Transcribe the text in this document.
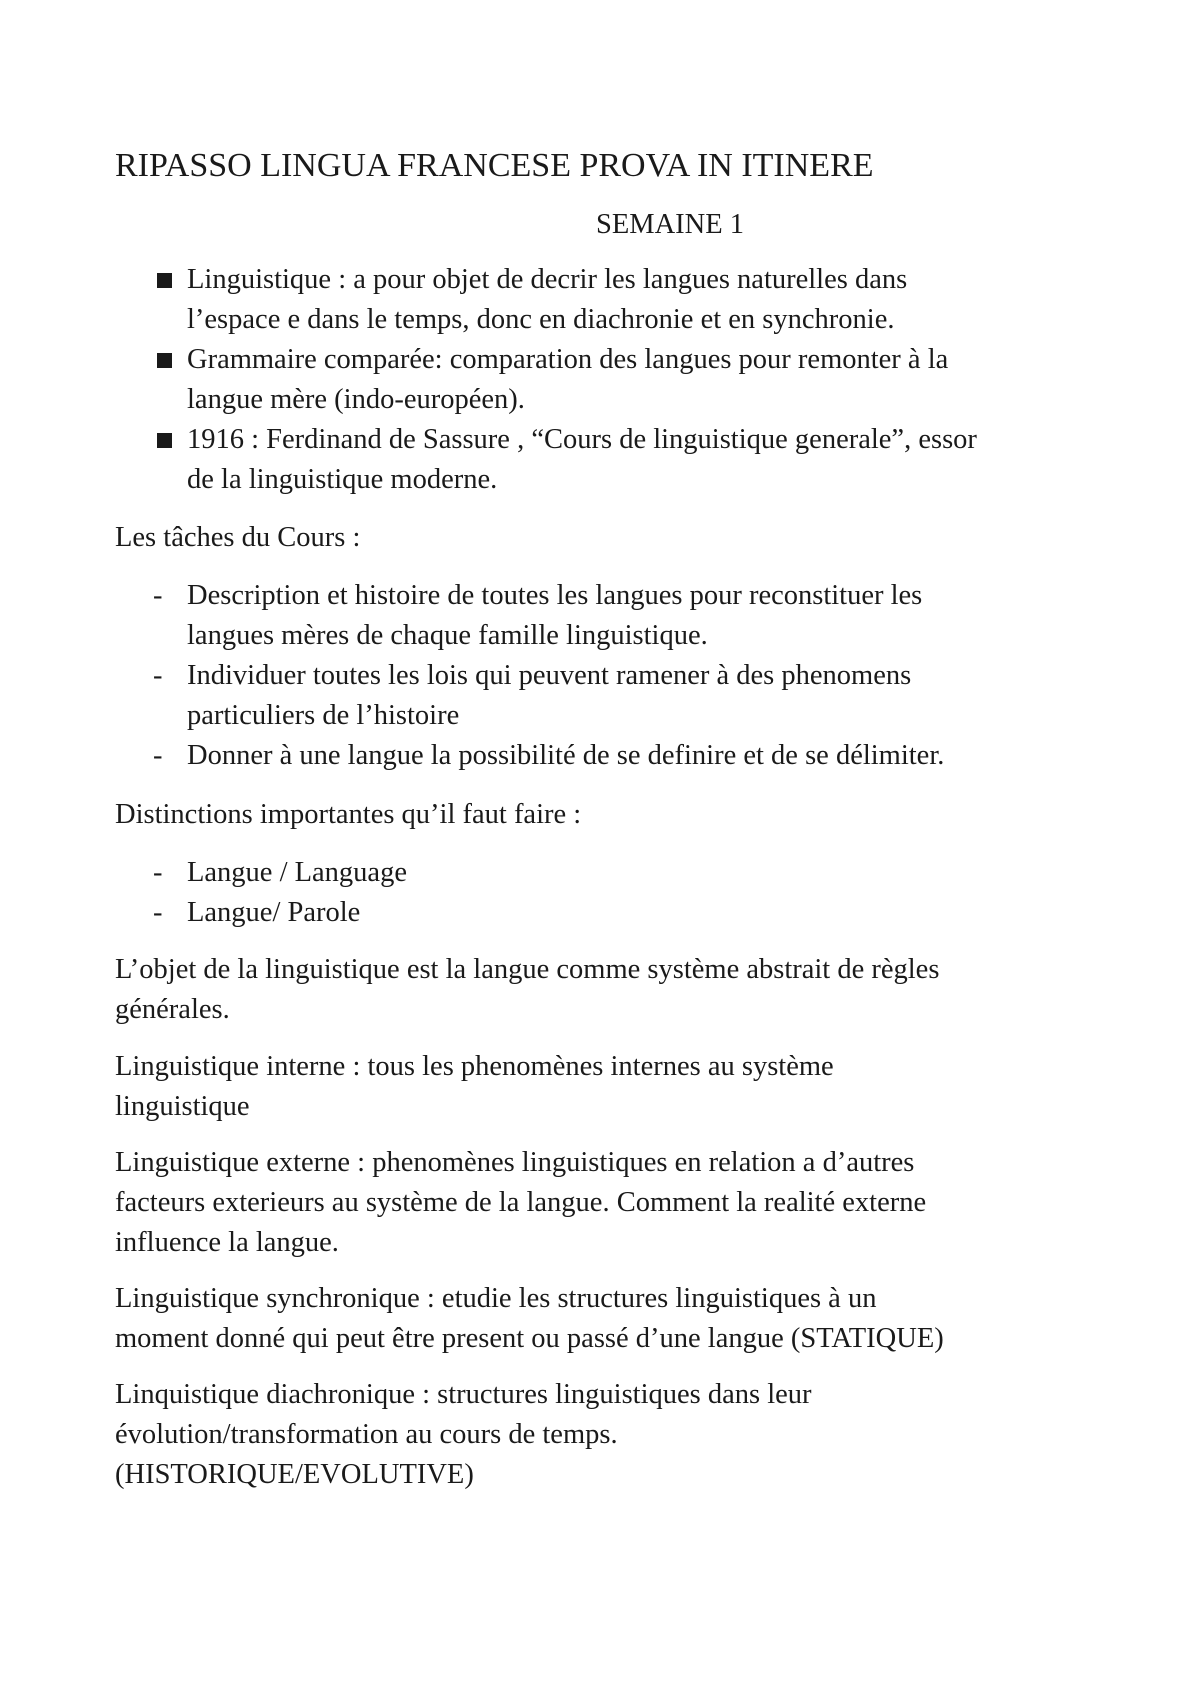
RIPASSO LINGUA FRANCESE PROVA IN ITINERE
SEMAINE 1
Linguistique : a pour objet de decrir les langues naturelles dans
l’espace e dans le temps, donc en diachronie et en synchronie.
Grammaire comparée: comparation des langues pour remonter à la
langue mère (indo-européen).
1916 : Ferdinand de Sassure , “Cours de linguistique generale”, essor
de la linguistique moderne.
Les tâches du Cours :
- Description et histoire de toutes les langues pour reconstituer les
langues mères de chaque famille linguistique.
- Individuer toutes les lois qui peuvent ramener à des phenomens
particuliers de l’histoire
- Donner à une langue la possibilité de se definire et de se délimiter.
Distinctions importantes qu’il faut faire :
- Langue / Language
- Langue/ Parole
L’objet de la linguistique est la langue comme système abstrait de règles
générales.
Linguistique interne : tous les phenomènes internes au système
linguistique
Linguistique externe : phenomènes linguistiques en relation a d’autres
facteurs exterieurs au système de la langue. Comment la realité externe
influence la langue.
Linguistique synchronique : etudie les structures linguistiques à un
moment donné qui peut être present ou passé d’une langue (STATIQUE)
Linquistique diachronique : structures linguistiques dans leur
évolution/transformation au cours de temps.
(HISTORIQUE/EVOLUTIVE)
